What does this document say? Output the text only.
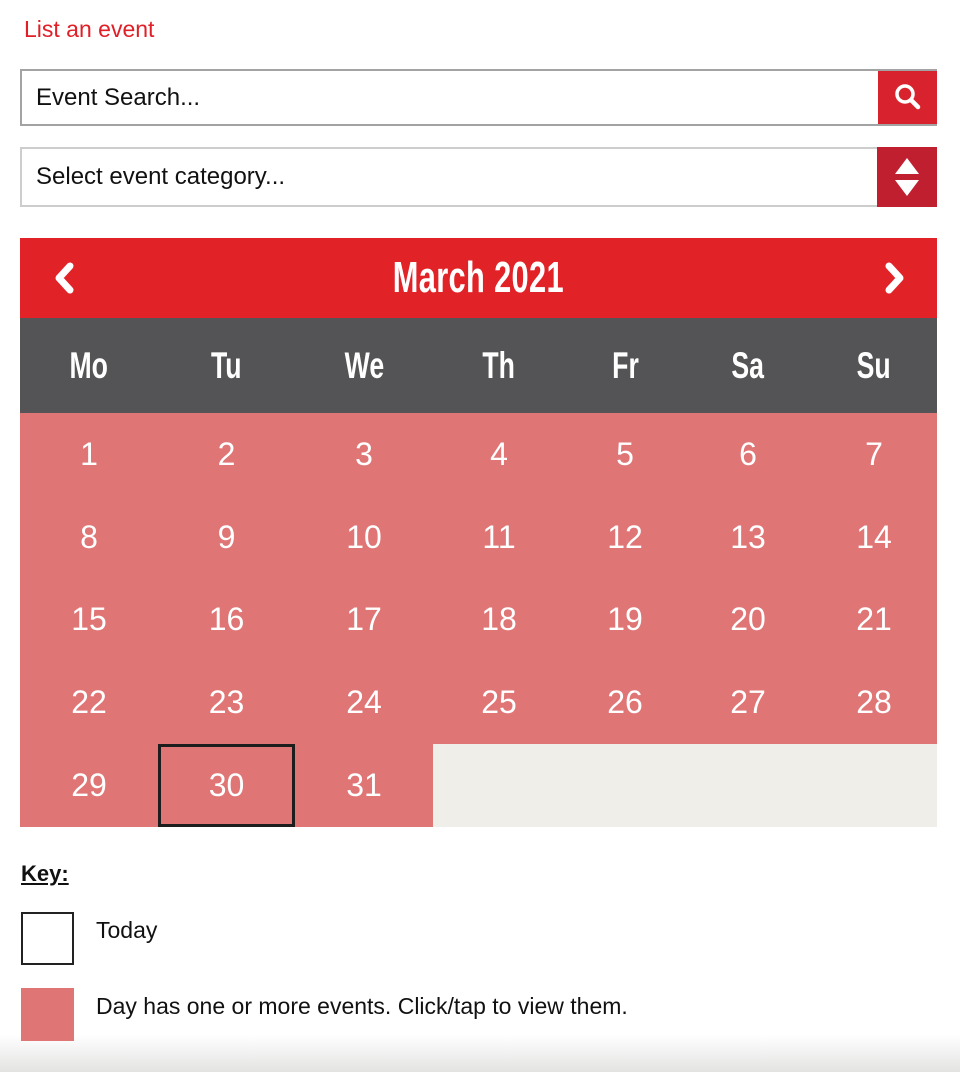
List an event
Event Search...
Select event category...
March 2021
Mo	Tu	We	Th	Fr	Sa	Su
1	2	3	4	5	6	7
8	9	10	11	12	13	14
15	16	17	18	19	20	21
22	23	24	25	26	27	28
29	30	31
Key:
Today
Day has one or more events. Click/tap to view them.
